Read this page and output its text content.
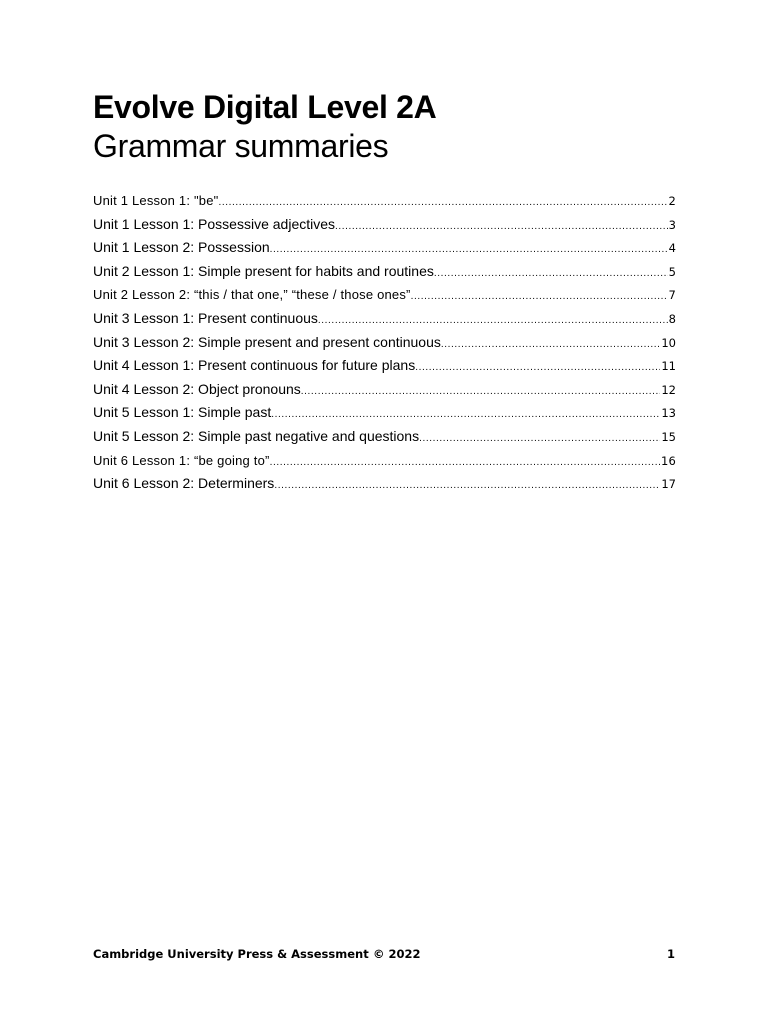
Evolve Digital Level 2A
Grammar summaries
Unit 1 Lesson 1: "be" .....	2
Unit 1 Lesson 1: Possessive adjectives .....	3
Unit 1 Lesson 2: Possession .....	4
Unit 2 Lesson 1: Simple present for habits and routines .....	5
Unit 2 Lesson 2: “this / that one,” “these / those ones” .....	7
Unit 3 Lesson 1: Present continuous .....	8
Unit 3 Lesson 2: Simple present and present continuous .....	10
Unit 4 Lesson 1: Present continuous for future plans .....	11
Unit 4 Lesson 2: Object pronouns .....	12
Unit 5 Lesson 1: Simple past .....	13
Unit 5 Lesson 2: Simple past negative and questions .....	15
Unit 6 Lesson 1: “be going to” .....	16
Unit 6 Lesson 2: Determiners .....	17
Cambridge University Press & Assessment © 2022	1
